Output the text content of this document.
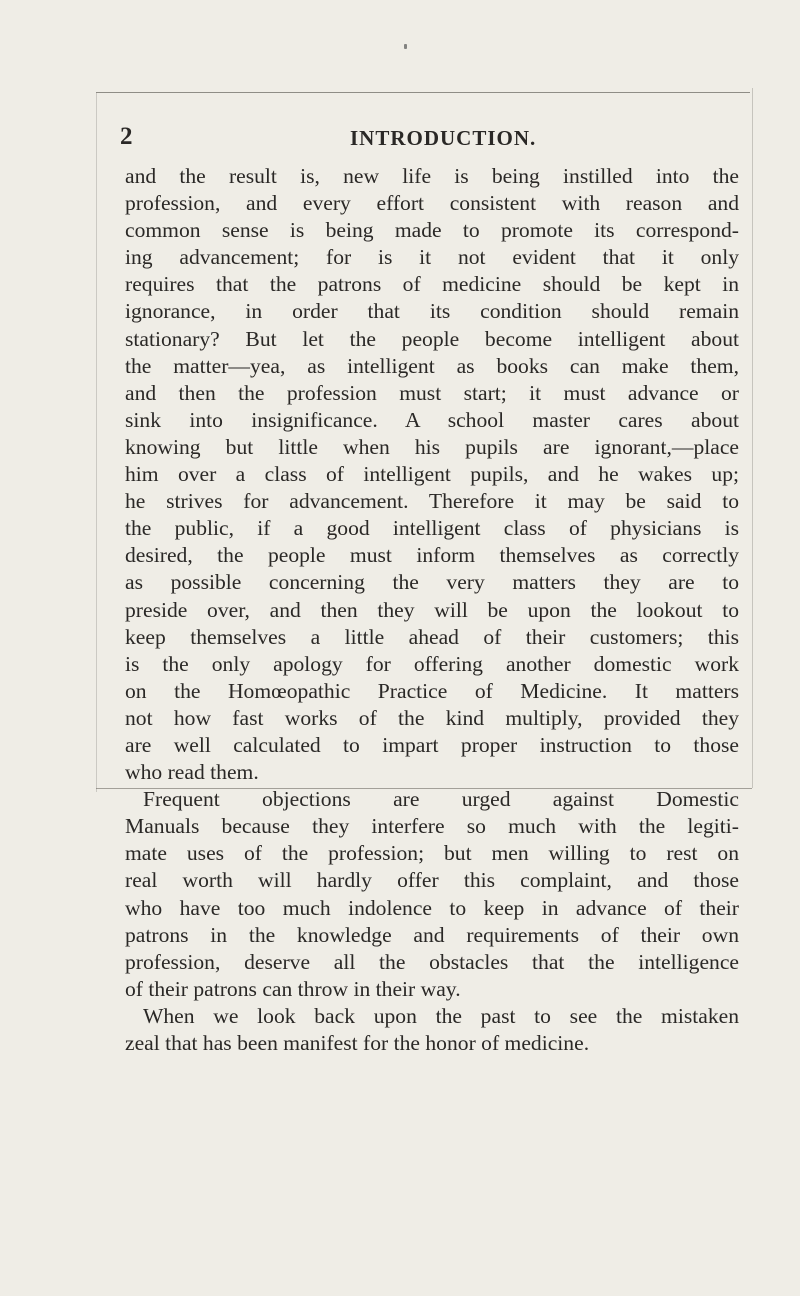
2	INTRODUCTION.
and the result is, new life is being instilled into the
profession, and every effort consistent with reason and
common sense is being made to promote its correspond-
ing advancement; for is it not evident that it only
requires that the patrons of medicine should be kept in
ignorance, in order that its condition should remain
stationary? But let the people become intelligent about
the matter—yea, as intelligent as books can make them,
and then the profession must start; it must advance or
sink into insignificance. A school master cares about
knowing but little when his pupils are ignorant,—place
him over a class of intelligent pupils, and he wakes up;
he strives for advancement. Therefore it may be said to
the public, if a good intelligent class of physicians is
desired, the people must inform themselves as correctly
as possible concerning the very matters they are to
preside over, and then they will be upon the lookout to
keep themselves a little ahead of their customers; this
is the only apology for offering another domestic work
on the Homœopathic Practice of Medicine. It matters
not how fast works of the kind multiply, provided they
are well calculated to impart proper instruction to those
who read them.
Frequent objections are urged against Domestic
Manuals because they interfere so much with the legiti-
mate uses of the profession; but men willing to rest on
real worth will hardly offer this complaint, and those
who have too much indolence to keep in advance of their
patrons in the knowledge and requirements of their own
profession, deserve all the obstacles that the intelligence
of their patrons can throw in their way.
When we look back upon the past to see the mistaken
zeal that has been manifest for the honor of medicine.
